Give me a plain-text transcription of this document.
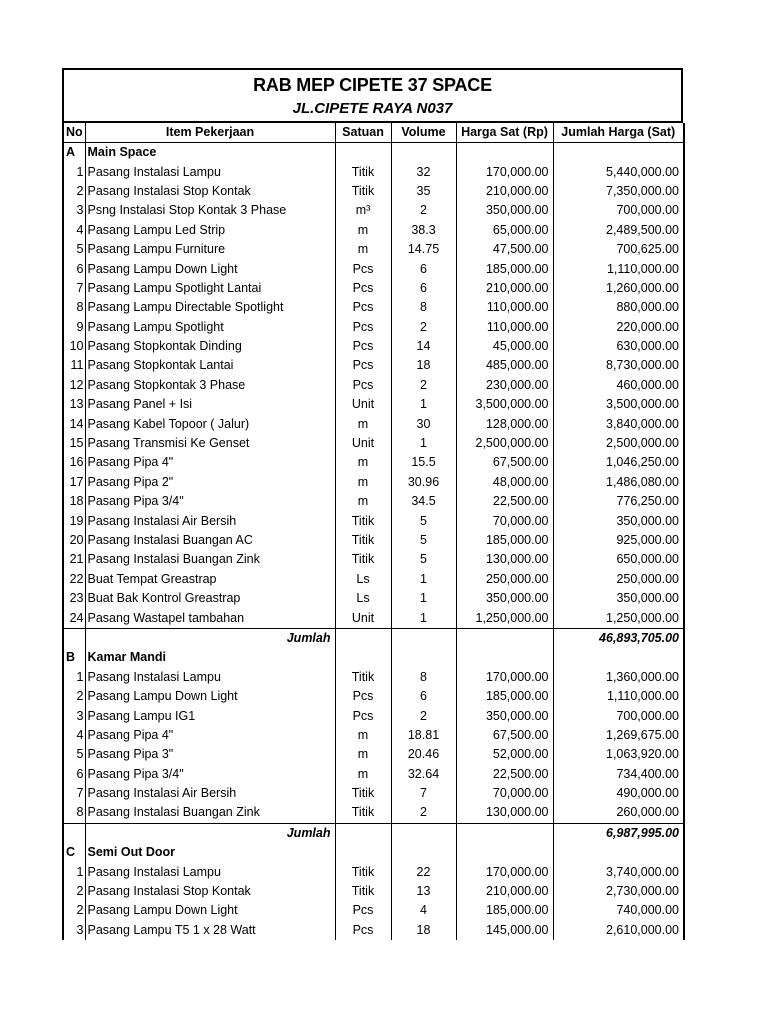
RAB MEP CIPETE 37 SPACE
JL.CIPETE RAYA N037
No	Item Pekerjaan	Satuan	Volume	Harga Sat (Rp)	Jumlah Harga (Sat)
A	Main Space				
1	Pasang Instalasi Lampu	Titik	32	170,000.00	5,440,000.00
2	Pasang Instalasi Stop Kontak	Titik	35	210,000.00	7,350,000.00
3	Psng Instalasi Stop Kontak 3 Phase	m³	2	350,000.00	700,000.00
4	Pasang Lampu Led Strip	m	38.3	65,000.00	2,489,500.00
5	Pasang Lampu Furniture	m	14.75	47,500.00	700,625.00
6	Pasang Lampu Down Light	Pcs	6	185,000.00	1,110,000.00
7	Pasang Lampu Spotlight Lantai	Pcs	6	210,000.00	1,260,000.00
8	Pasang Lampu Directable Spotlight	Pcs	8	110,000.00	880,000.00
9	Pasang Lampu Spotlight	Pcs	2	110,000.00	220,000.00
10	Pasang Stopkontak Dinding	Pcs	14	45,000.00	630,000.00
11	Pasang Stopkontak Lantai	Pcs	18	485,000.00	8,730,000.00
12	Pasang Stopkontak 3 Phase	Pcs	2	230,000.00	460,000.00
13	Pasang Panel + Isi	Unit	1	3,500,000.00	3,500,000.00
14	Pasang Kabel Topoor ( Jalur)	m	30	128,000.00	3,840,000.00
15	Pasang Transmisi Ke Genset	Unit	1	2,500,000.00	2,500,000.00
16	Pasang Pipa 4"	m	15.5	67,500.00	1,046,250.00
17	Pasang Pipa 2"	m	30.96	48,000.00	1,486,080.00
18	Pasang Pipa 3/4"	m	34.5	22,500.00	776,250.00
19	Pasang Instalasi Air Bersih	Titik	5	70,000.00	350,000.00
20	Pasang Instalasi Buangan AC	Titik	5	185,000.00	925,000.00
21	Pasang Instalasi Buangan Zink	Titik	5	130,000.00	650,000.00
22	Buat Tempat Greastrap	Ls	1	250,000.00	250,000.00
23	Buat Bak Kontrol Greastrap	Ls	1	350,000.00	350,000.00
24	Pasang Wastapel tambahan	Unit	1	1,250,000.00	1,250,000.00
	Jumlah				46,893,705.00
B	Kamar Mandi				
1	Pasang Instalasi Lampu	Titik	8	170,000.00	1,360,000.00
2	Pasang Lampu Down Light	Pcs	6	185,000.00	1,110,000.00
3	Pasang Lampu IG1	Pcs	2	350,000.00	700,000.00
4	Pasang Pipa 4"	m	18.81	67,500.00	1,269,675.00
5	Pasang Pipa 3"	m	20.46	52,000.00	1,063,920.00
6	Pasang Pipa 3/4"	m	32.64	22,500.00	734,400.00
7	Pasang Instalasi Air Bersih	Titik	7	70,000.00	490,000.00
8	Pasang Instalasi Buangan Zink	Titik	2	130,000.00	260,000.00
	Jumlah				6,987,995.00
C	Semi Out Door				
1	Pasang Instalasi Lampu	Titik	22	170,000.00	3,740,000.00
2	Pasang Instalasi Stop Kontak	Titik	13	210,000.00	2,730,000.00
2	Pasang Lampu Down Light	Pcs	4	185,000.00	740,000.00
3	Pasang Lampu T5 1 x 28 Watt	Pcs	18	145,000.00	2,610,000.00
